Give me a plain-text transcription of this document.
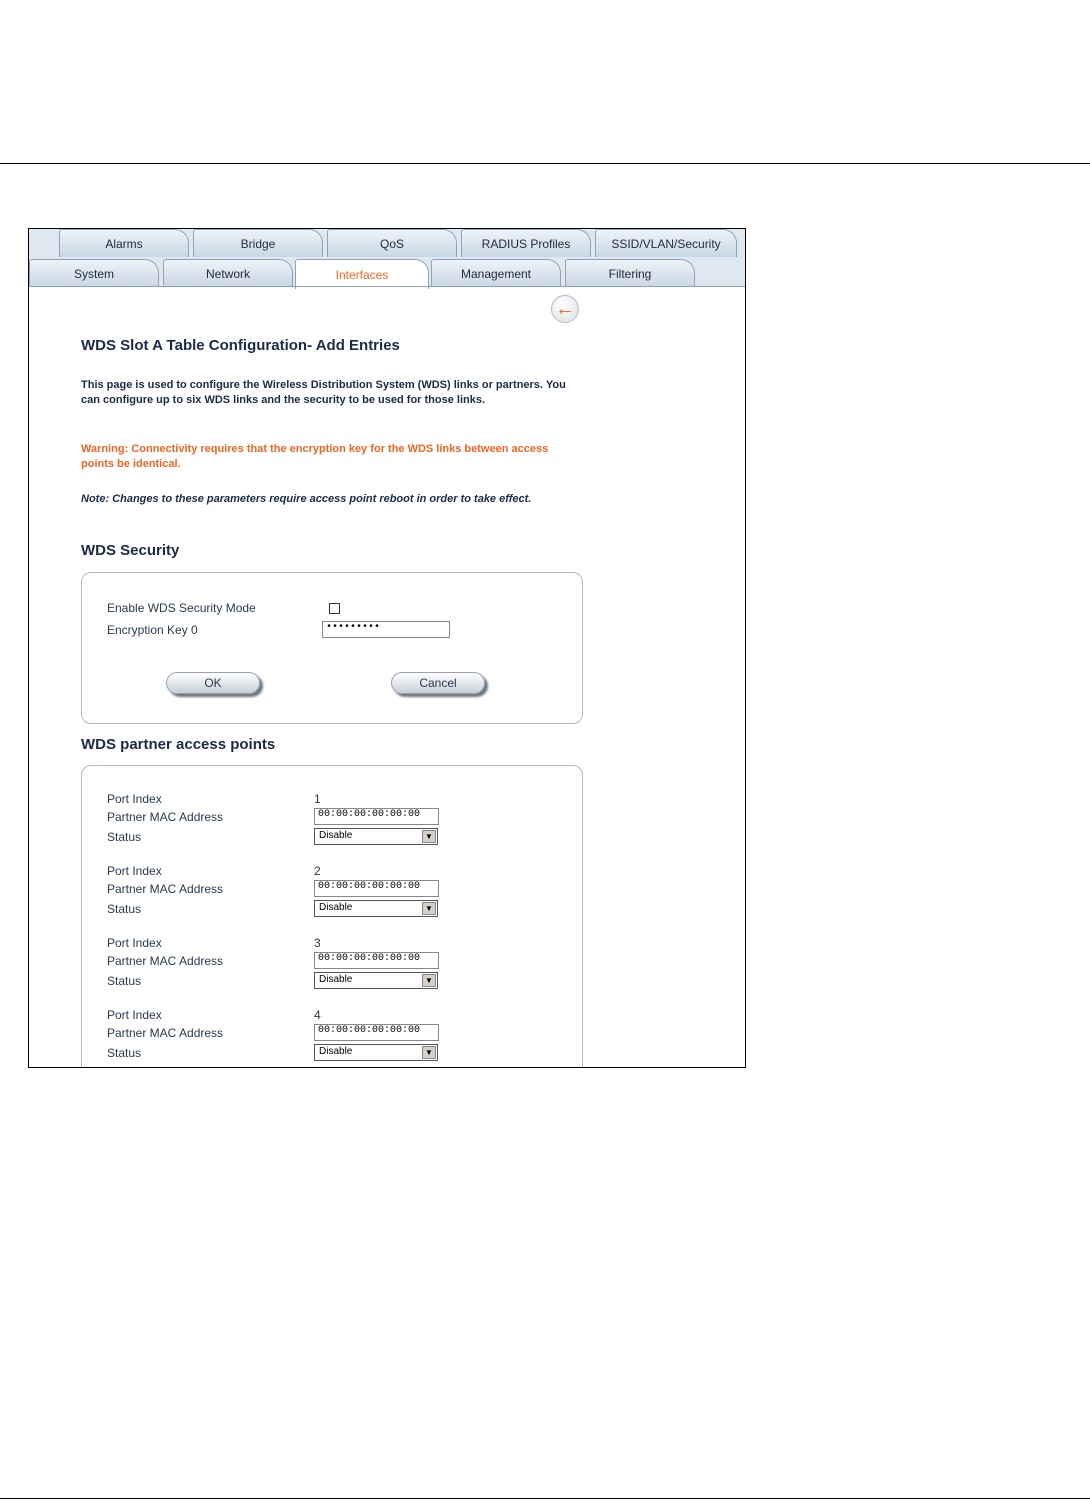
Alarms	Bridge	QoS	RADIUS Profiles	SSID/VLAN/Security
System	Network	Interfaces	Management	Filtering
←
WDS Slot A Table Configuration- Add Entries
This page is used to configure the Wireless Distribution System (WDS) links or partners. You can configure up to six WDS links and the security to be used for those links.
Warning: Connectivity requires that the encryption key for the WDS links between access points be identical.
Note: Changes to these parameters require access point reboot in order to take effect.
WDS Security
WDS partner access points
Enable WDS Security Mode
Encryption Key 0	•••••••••
OK	Cancel
Port Index	1
Partner MAC Address	00:00:00:00:00:00
Status	Disable	▼
Port Index	2
Partner MAC Address	00:00:00:00:00:00
Status	Disable	▼
Port Index	3
Partner MAC Address	00:00:00:00:00:00
Status	Disable	▼
Port Index	4
Partner MAC Address	00:00:00:00:00:00
Status	Disable	▼
